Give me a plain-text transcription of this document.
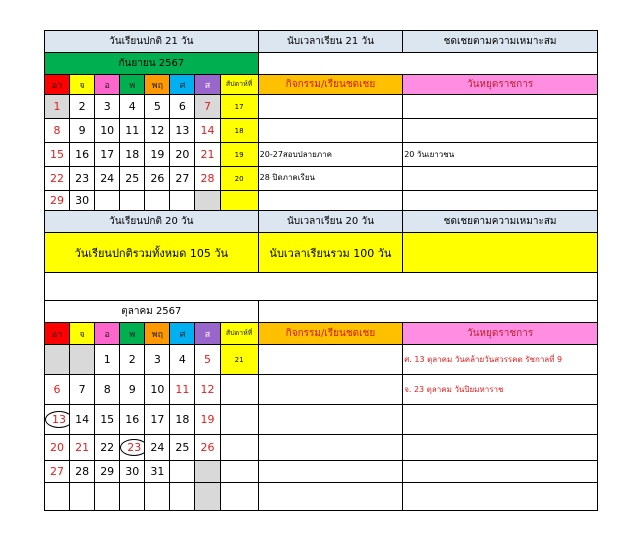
วันเรียนปกติ 21 วัน								นับเวลาเรียน 21 วัน	ชดเชยตามความเหมาะสม
กันยายน 2567									
อา	จ	อ	พ	พฤ	ศ	ส	สัปดาห์ที่	กิจกรรม/เรียนชดเชย	วันหยุดราชการ
1	2	3	4	5	6	7	17		
8	9	10	11	12	13	14	18		
15	16	17	18	19	20	21	19	20-27สอบปลายภาค	20 วันเยาวชน
22	23	24	25	26	27	28	20	28 ปิดภาคเรียน	
29	30								
วันเรียนปกติ 20 วัน								นับเวลาเรียน 20 วัน	ชดเชยตามความเหมาะสม
วันเรียนปกติรวมทั้งหมด 105 วัน								นับเวลาเรียนรวม 100 วัน	

ตุลาคม 2567									
อา	จ	อ	พ	พฤ	ศ	ส	สัปดาห์ที่	กิจกรรม/เรียนชดเชย	วันหยุดราชการ
		1	2	3	4	5	21		ศ. 13 ตุลาคม วันคล้ายวันสวรรคต รัชกาลที่ 9
6	7	8	9	10	11	12			จ. 23 ตุลาคม วันปิยมหาราช
13	14	15	16	17	18	19			
20	21	22	23	24	25	26			
27	28	29	30	31					
